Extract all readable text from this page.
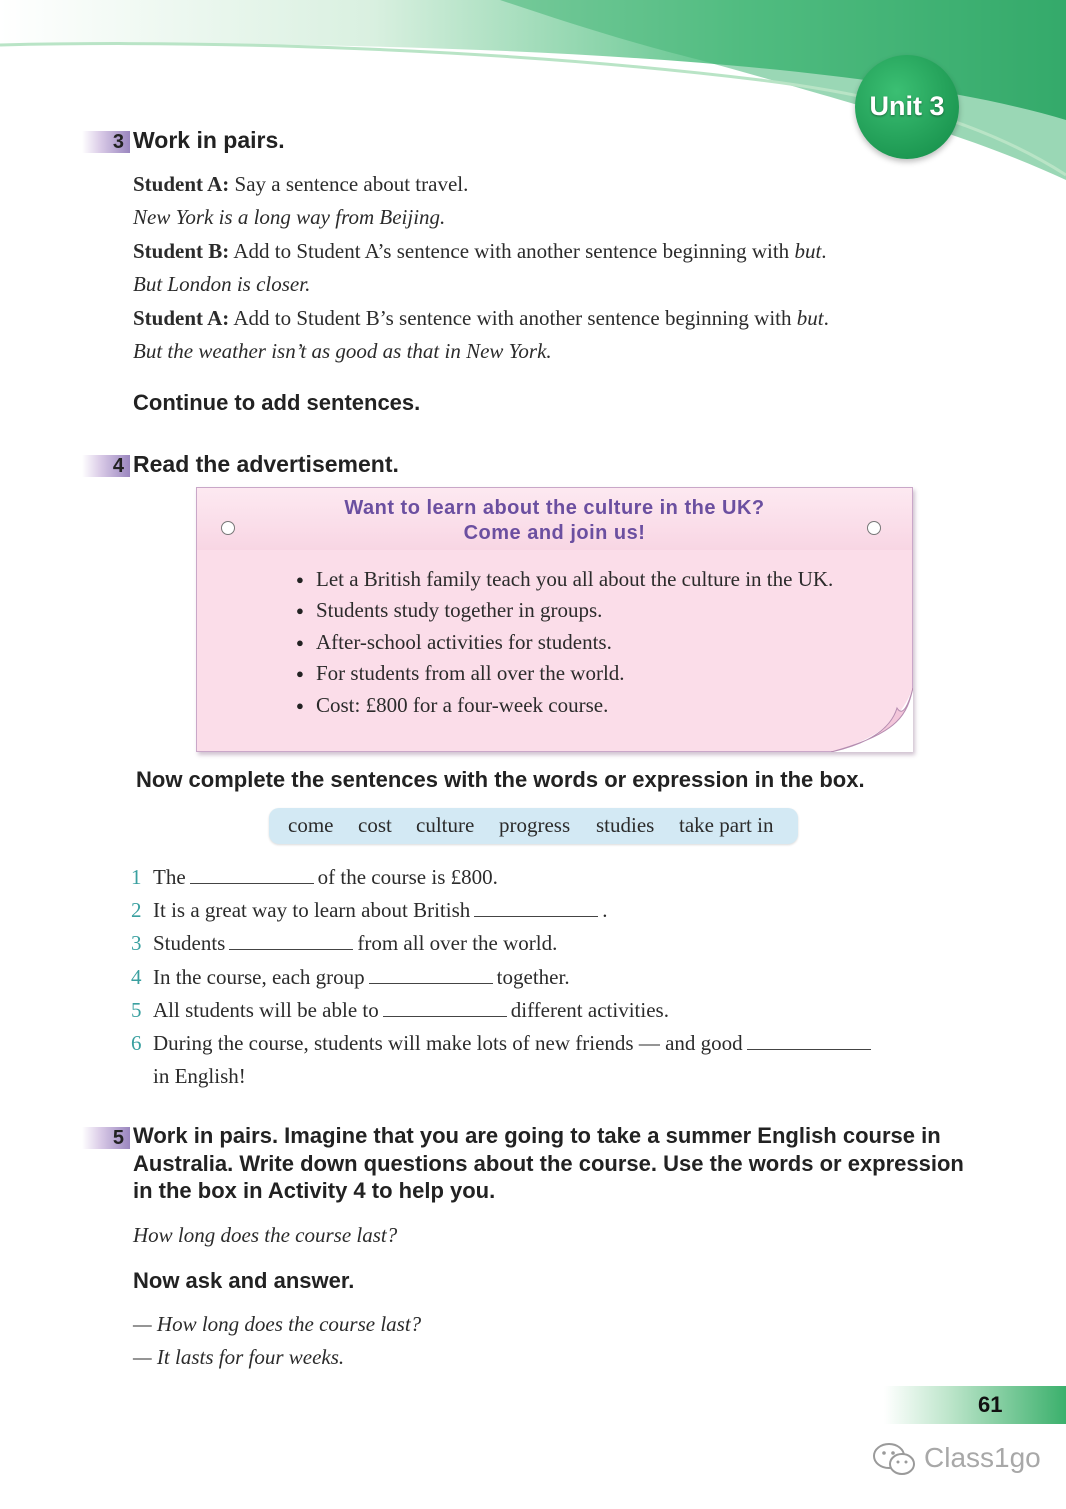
Unit 3
3 Work in pairs.
Student A: Say a sentence about travel.
New York is a long way from Beijing.
Student B: Add to Student A’s sentence with another sentence beginning with but.
But London is closer.
Student A: Add to Student B’s sentence with another sentence beginning with but.
But the weather isn’t as good as that in New York.
Continue to add sentences.
4 Read the advertisement.
Want to learn about the culture in the UK?
Come and join us!
● Let a British family teach you all about the culture in the UK.
● Students study together in groups.
● After-school activities for students.
● For students from all over the world.
● Cost: £800 for a four-week course.
Now complete the sentences with the words or expression in the box.
come cost culture progress studies take part in
1 The	of the course is £800.
2 It is a great way to learn about British	.
3 Students	from all over the world.
4 In the course, each group	together.
5 All students will be able to	different activities.
6 During the course, students will make lots of new friends — and good
in English!
5 Work in pairs. Imagine that you are going to take a summer English course in
Australia. Write down questions about the course. Use the words or expression
in the box in Activity 4 to help you.
How long does the course last?
Now ask and answer.
— How long does the course last?
— It lasts for four weeks.
61
Class1go
